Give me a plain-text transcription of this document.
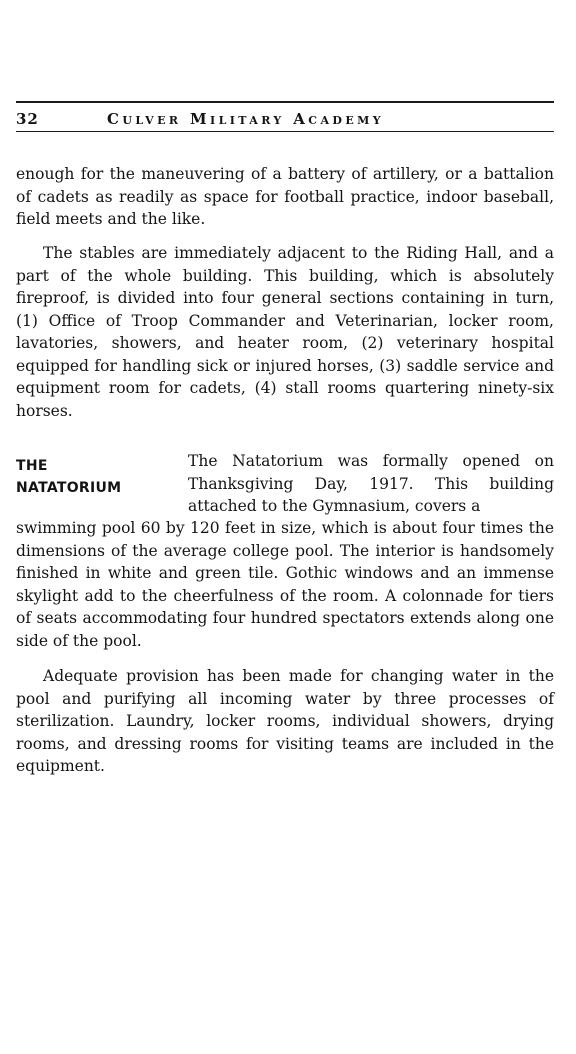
32	Culver Military Academy

enough for the maneuvering of a battery of artillery, or a battalion of cadets as readily as space for football practice, indoor baseball, field meets and the like.

The stables are immediately adjacent to the Riding Hall, and a part of the whole building. This building, which is absolutely fireproof, is divided into four general sections containing in turn, (1) Office of Troop Commander and Veterinarian, locker room, lavatories, showers, and heater room, (2) veterinary hospital equipped for handling sick or injured horses, (3) saddle service and equipment room for cadets, (4) stall rooms quartering ninety-six horses.

THE
NATATORIUM

The Natatorium was formally opened on Thanksgiving Day, 1917. This building attached to the Gymnasium, covers a

swimming pool 60 by 120 feet in size, which is about four times the dimensions of the average college pool. The interior is handsomely finished in white and green tile. Gothic windows and an immense skylight add to the cheerfulness of the room. A colonnade for tiers of seats accommodating four hundred spectators extends along one side of the pool.

Adequate provision has been made for changing water in the pool and purifying all incoming water by three processes of sterilization. Laundry, locker rooms, individual showers, drying rooms, and dressing rooms for visiting teams are included in the equipment.
